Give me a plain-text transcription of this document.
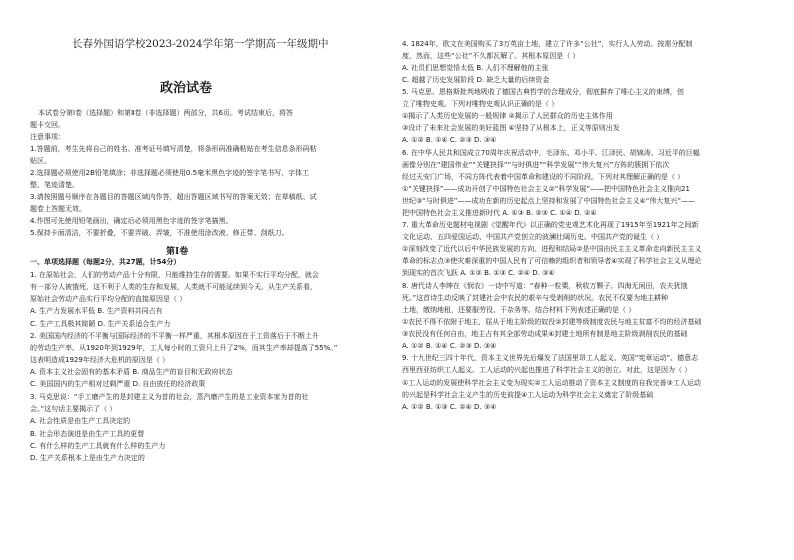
长春外国语学校2023-2024学年第一学期高一年级期中
政治试卷
第Ⅰ卷
本试卷分第Ⅰ卷（选择题）和第Ⅱ卷（非选择题）两部分，共6页。考试结束后，将答
题卡交回。
注意事项：
1.答题前，考生先将自己的姓名、准考证号填写清楚，将条形码准确粘贴在考生信息条形码粘
贴区。
2.选择题必须使用2B铅笔填涂；非选择题必须使用0.5毫米黑色字迹的签字笔书写，字体工
整、笔迹清楚。
3.请按照题号顺序在各题目的答题区域内作答，超出答题区域书写的答案无效；在草稿纸、试
题卷上答题无效。
4.作图可先使用铅笔画出，确定后必须用黑色字迹的签字笔描黑。
5.保持卡面清洁，不要折叠，不要弄破、弄皱，不准使用涂改液、修正带、刮纸刀。
一、单项选择题（每题2分，共27题，计54分）
1. 在原始社会，人们的劳动产品十分有限，只能维持生存的需要。如果不实行平均分配，就会
有一部分人被饿死，这不利于人类的生存和发展，人类就不可能延续到今天。从生产关系看，
原始社会劳动产品实行平均分配的直接原因是（ ）
A. 生产力发展水平低 B. 生产资料共同占有
C. 生产工具极其简陋 D. 生产关系适合生产力
2. 美国国内经济的不平衡与国际经济的不平衡一样严重，其根本原因在于工资落后于不断上升
的劳动生产率。从1920年到1929年，工人每小时的工资只上升了2%，而其生产率却提高了55%。”
这表明造成1929年经济大危机的原因是（ ）
A. 资本主义社会固有的基本矛盾 B. 商品生产的盲目和无政府状态
C. 美国国内的生产相对过剩严重 D. 自由放任的经济政策
3. 马克思说：“手工磨产生的是封建主义为首的社会，蒸汽磨产生的是工业资本家为首的社
会。”这句话主要揭示了（ ）
A. 社会性质是由生产工具决定的
B. 社会形态演进是由生产工具的更替
C. 有什么样的生产工具就有什么样的生产力
D. 生产关系根本上是由生产力决定的
4. 1824年，欧文在美国购买了3万英亩土地，建立了许多“公社”，实行人人劳动、按需分配制
度，然而，这些“公社”不久都瓦解了。其根本原因是（ ）
A. 社员们思想觉悟太低 B. 人们不理解他的主张
C. 超越了历史发展阶段 D. 缺乏大量的后续资金
5. 马克思、恩格斯批判地吸收了德国古典哲学的合理成分，彻底摒弃了唯心主义的束缚，创
立了唯物史观。下列对唯物史观认识正确的是（ ）
①揭示了人类历史发展的一般规律 ②揭示了人民群众的历史主体作用
③设计了未来社会发展的美好蓝图 ④坚持了从根本上，正义等原则出发
A. ①② B. ①④ C. ②③ D. ③④
6. 在中华人民共和国成立70周年庆祝活动中，毛泽东、邓小平、江泽民、胡锦涛、习近平的巨幅
画像分别在“建国伟业”“关键抉择”“与时俱进”“科学发展”“伟大复兴”方阵的簇拥下依次
经过天安门广场，不同方阵代表着中国革命和建设的不同阶段。下列对其理解正确的是（ ）
①“关键抉择”——成功开创了中国特色社会主义②“科学发展”——把中国特色社会主义推向21
世纪③“与时俱进”——成功在新的历史起点上坚持和发展了中国特色社会主义④“伟大复兴”——
把中国特色社会主义推进新时代 A. ①③ B. ②③ C. ①④ D. ②④
7. 重大革命历史题材电视剧《觉醒年代》以正确的党史观艺术化再现了1915年至1921年之间新
文化运动、五四爱国运动、中国共产党创立的波澜壮阔历史。中国共产党的诞生（ ）
①深刻改变了近代以后中华民族发展的方向、进程和结局②是中国由民主主义革命走向新民主主义
革命的标志点③使灾难深重的中国人民有了可信赖的组织者和领导者④实现了科学社会主义从理论
到现实的首次飞跃 A. ①② B. ①③ C. ②④ D. ③④
8. 唐代诗人李绅在《悯农》一诗中写道：“春种一粒粟，秋收万颗子。四海无闲田，农夫犹饿
死。”这首诗生动反映了封建社会中农民的艰辛与受剥削的状况。农民不仅要为地主耕种
土地，缴纳地租，还要服劳役、干杂务等。结合材料下列表述正确的是（ ）
①农民不得不依附于地主，屈从于地主阶级的奴役②封建等级制度农民与地主贫富不均的经济基础
③农民没有任何自由，地主占有其全部劳动成果④封建土地所有制是地主阶级剥削农民的基础
A. ①② B. ①④ C. ②③ D. ③④
9. 十九世纪三四十年代，资本主义世界先后爆发了法国里昂工人起义、英国“宪章运动”、德意志
西里西亚纺织工人起义。工人运动的兴起也推进了科学社会主义的创立。对此，这是因为（ ）
①工人运动的发展使科学社会主义变为现实②工人运动推动了资本主义制度的自我完善③工人运动
的兴起是科学社会主义产生的历史前提④工人运动为科学社会主义奠定了阶级基础
A. ①② B. ①③ C. ②④ D. ③④
